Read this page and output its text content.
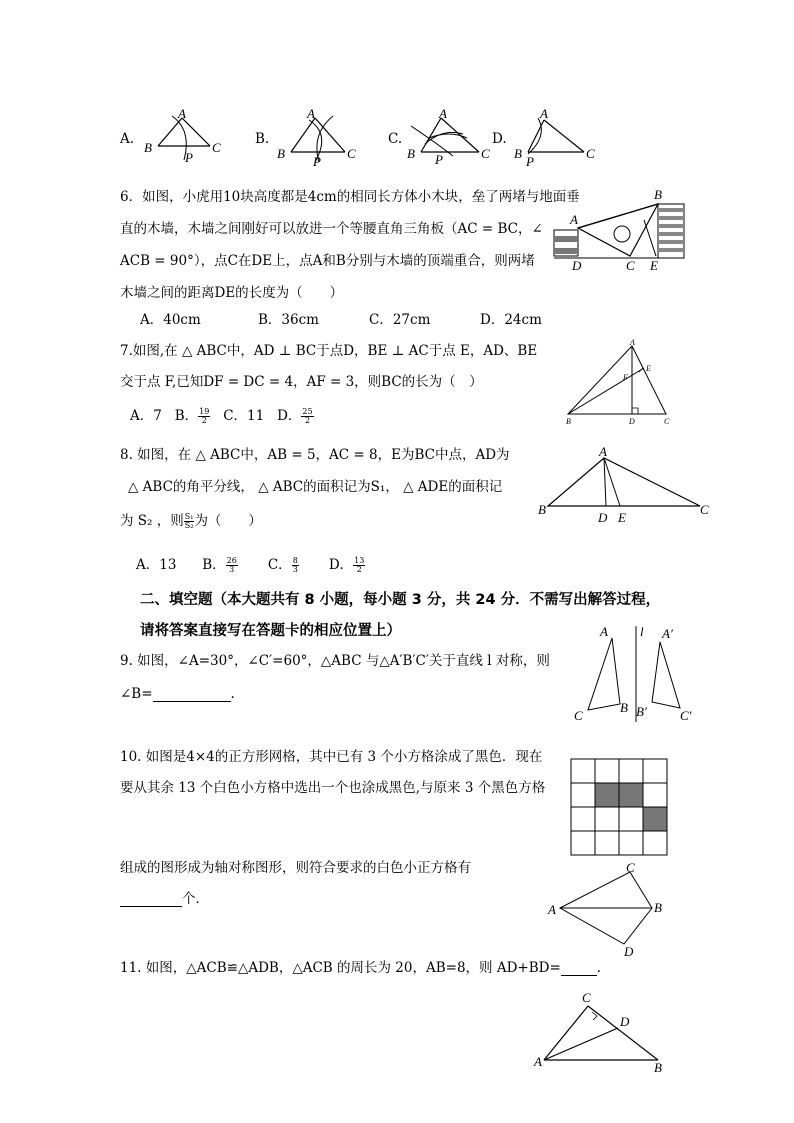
A.
A
B	C
P
B.
A
B	C
P
C.
A
B	C
P
D.
A
B	C
P
6．如图，小虎用10块高度都是4cm的相同长方体小木块，垒了两堵与地面垂
直的木墙，木墙之间刚好可以放进一个等腰直角三角板（AC = BC，∠
ACB = 90°），点C在DE上，点A和B分别与木墙的顶端重合，则两堵
木墙之间的距离DE的长度为（　　）
A．40cm	B．36cm	C．27cm	D．24cm
A
B
C
D	E
7.如图,在 △ ABC中，AD ⊥ BC于点D，BE ⊥ AC于点 E，AD、BE
交于点 F,已知DF = DC = 4，AF = 3，则BC的长为（　）
A．7 B． $\frac{19}{2}$ C．11 D． $\frac{25}{2}$
A
B	C
D
E
F
8. 如图，在 △ ABC中，AB = 5，AC = 8，E为BC中点，AD为
△ ABC的角平分线， △ ABC的面积记为S₁， △ ADE的面积记
为 S₂ ，则 $\frac{\text{S₁}}{\text{S₂}}$ 为（　　）
A．13 B． $\frac{26}{3}$ C． $\frac{8}{3}$ D． $\frac{13}{2}$
A
B	C
D E
二、填空题（本大题共有 8 小题，每小题 3 分，共 24 分．不需写出解答过程，
请将答案直接写在答题卡的相应位置上）
9. 如图，∠A=30°，∠C′=60°，△ABC 与△A′B′C′关于直线 l 对称，则
∠B=	.
A
B
C
l A′
B′	C′
10. 如图是4×4的正方形网格，其中已有 3 个小方格涂成了黑色．现在
要从其余 13 个白色小方格中选出一个也涂成黑色,与原来 3 个黑色方格
组成的图形成为轴对称图形，则符合要求的白色小正方格有
个．
A	B
C
D
11. 如图，△ACB≌△ADB，△ACB 的周长为 20，AB=8，则 AD+BD=	．
C
D
A	B
